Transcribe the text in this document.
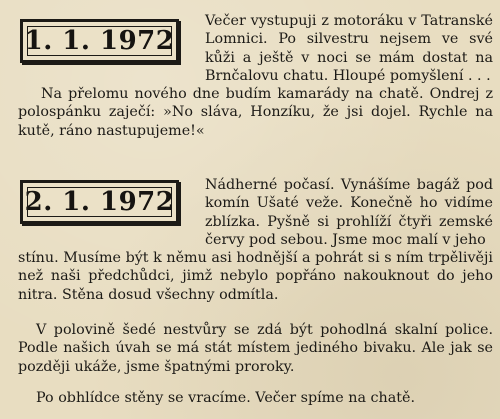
1. 1. 1972

Večer vystupuji z motoráku v Tatranské Lomnici. Po silvestru nejsem ve své kůži a ještě v noci se mám dostat na Brnčalovu chatu. Hloupé pomyšlení . . .

Na přelomu nového dne budím kamarády na chatě. Ondrej z polospánku zaječí: »No sláva, Honzíku, že jsi dojel. Rychle na kutě, ráno nastupujeme!«

2. 1. 1972
Nádherné počasí. Vynášíme bagáž pod komín Ušaté veže. Konečně ho vidíme zblízka. Pyšně si prohlíží čtyři zemské červy pod sebou. Jsme moc malí v jeho

V polovině šedé nestvůry se zdá být pohodlná skalní police. Podle našich úvah se má stát místem jediného bivaku. Ale jak se později ukáže, jsme špatnými proroky.

Po obhlídce stěny se vracíme. Večer spíme na chatě.

stínu. Musíme být k němu asi hodnější a pohrát si s ním trpělivěji než naši předchůdci, jimž nebylo popřáno nakouknout do jeho nitra. Stěna dosud všechny odmítla.
